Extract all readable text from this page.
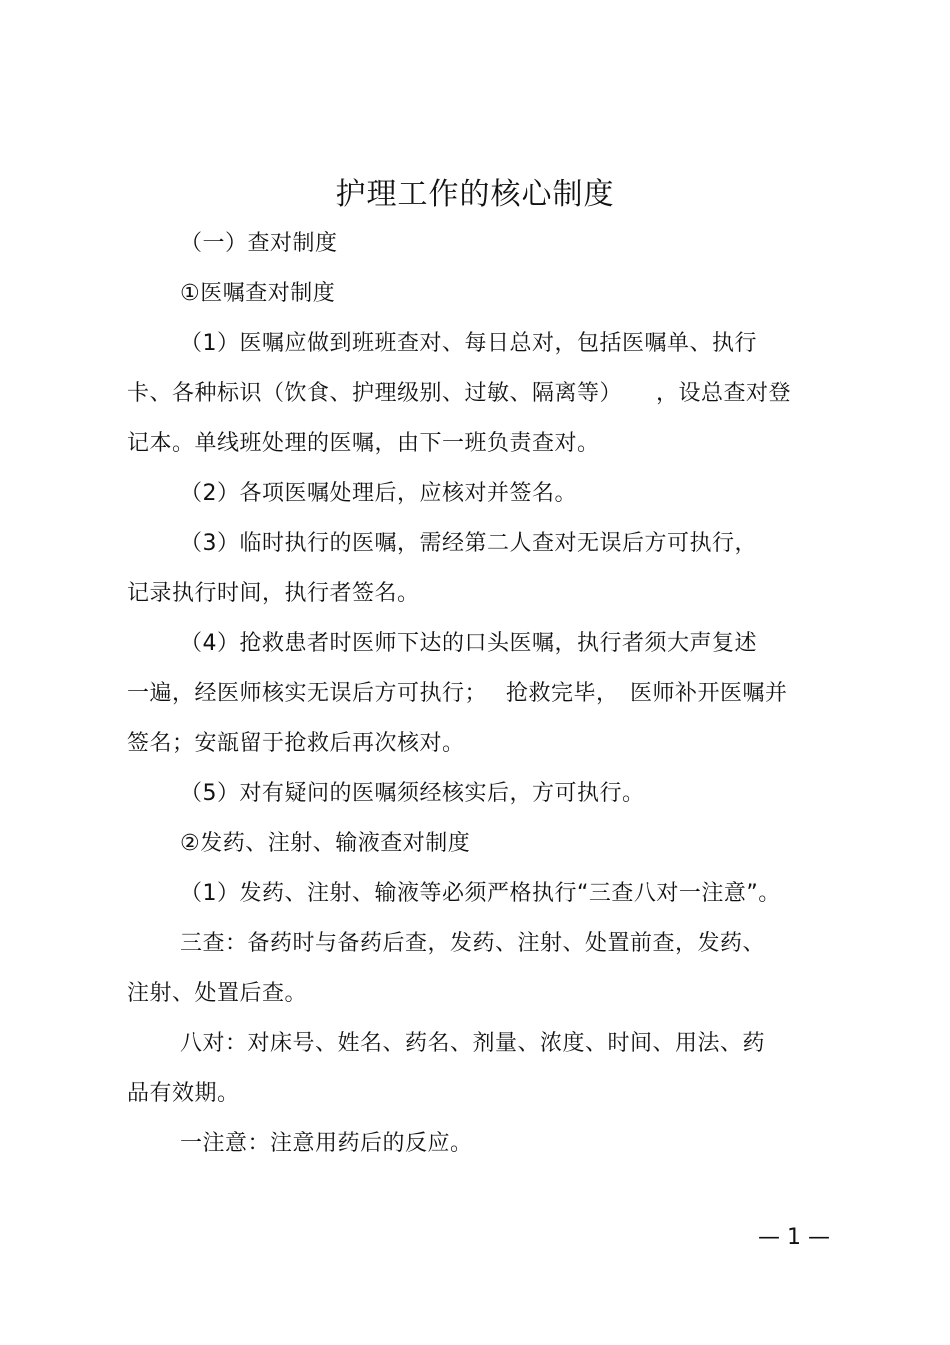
护理工作的核心制度
（一）查对制度
①医嘱查对制度
（1）医嘱应做到班班查对、每日总对，包括医嘱单、执行
卡、各种标识（饮食、护理级别、过敏、隔离等）　　，设总查对登
记本。单线班处理的医嘱，由下一班负责查对。
（2）各项医嘱处理后，应核对并签名。
（3）临时执行的医嘱，需经第二人查对无误后方可执行，
记录执行时间，执行者签名。
（4）抢救患者时医师下达的口头医嘱，执行者须大声复述
一遍，经医师核实无误后方可执行；　 抢救完毕，　医师补开医嘱并
签名；安瓿留于抢救后再次核对。
（5）对有疑问的医嘱须经核实后，方可执行。
②发药、注射、输液查对制度
（1）发药、注射、输液等必须严格执行“三查八对一注意”。
三查：备药时与备药后查，发药、注射、处置前查，发药、
注射、处置后查。
八对：对床号、姓名、药名、剂量、浓度、时间、用法、药
品有效期。
一注意：注意用药后的反应。
— 1 —
